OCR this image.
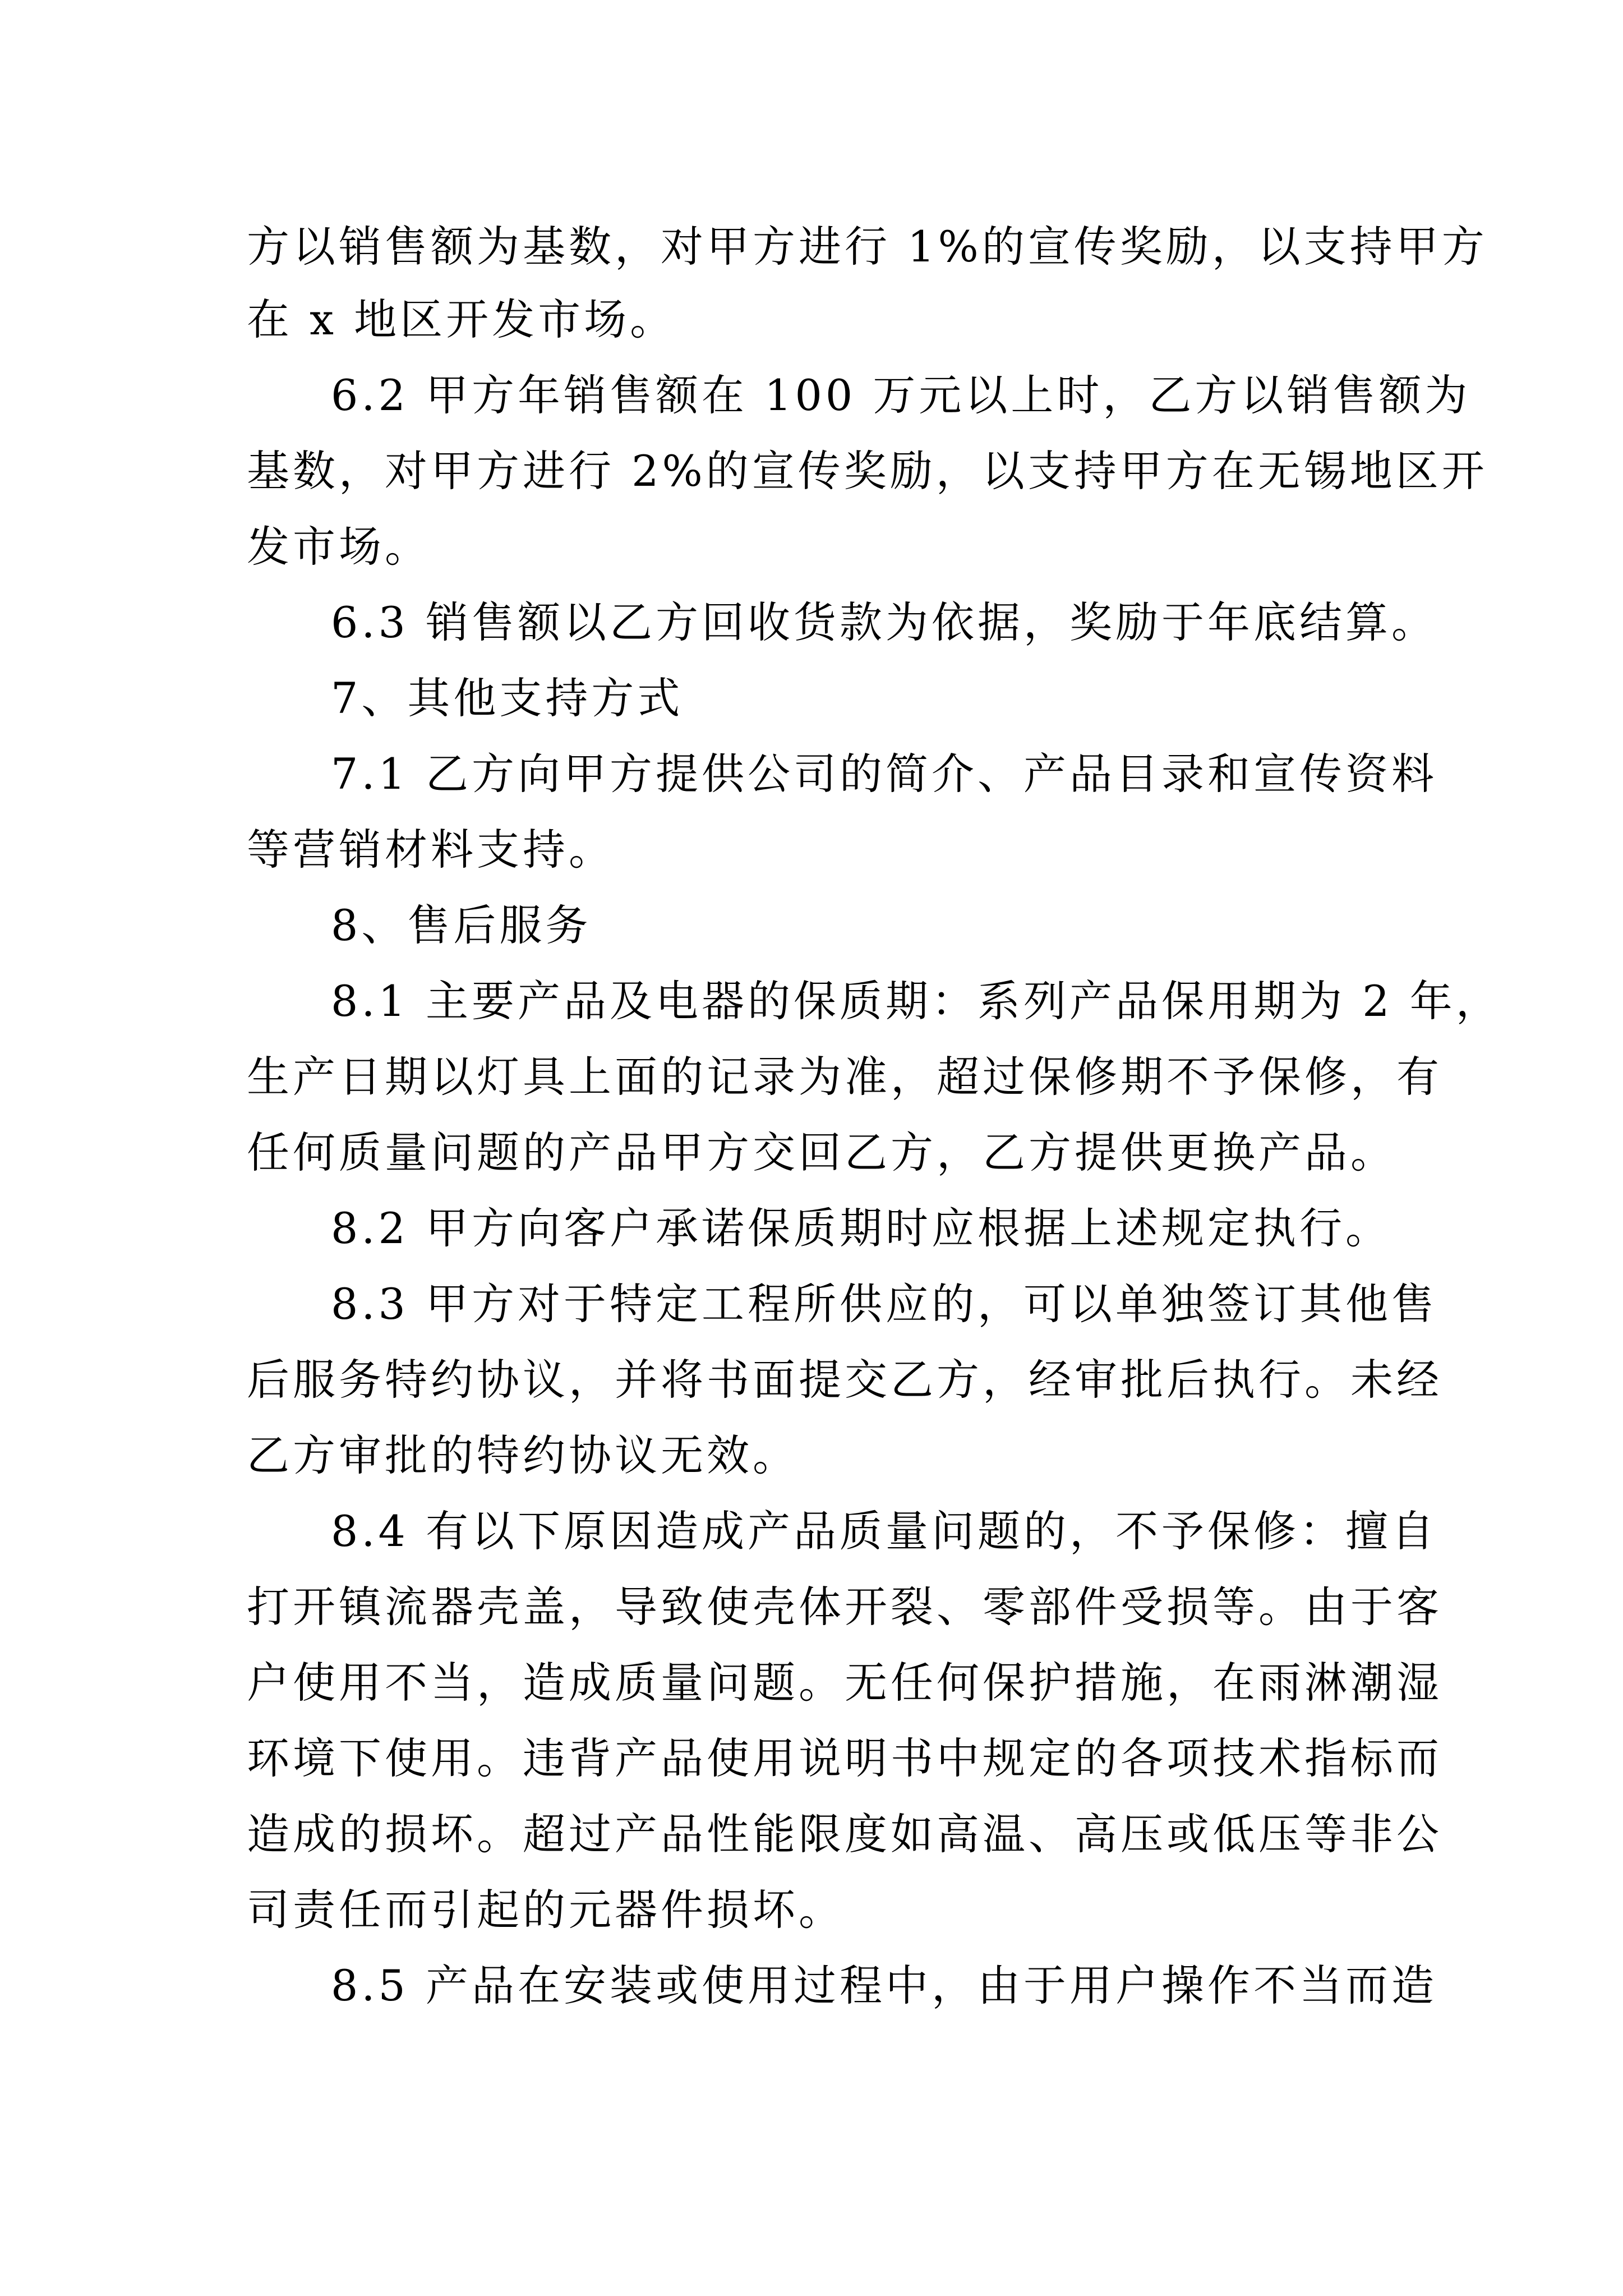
方以销售额为基数，对甲方进行 1%的宣传奖励，以支持甲方
在 x 地区开发市场。
6.2 甲方年销售额在 100 万元以上时，乙方以销售额为
基数，对甲方进行 2%的宣传奖励，以支持甲方在无锡地区开
发市场。
6.3 销售额以乙方回收货款为依据，奖励于年底结算。
7、其他支持方式
7.1 乙方向甲方提供公司的简介、产品目录和宣传资料
等营销材料支持。
8、售后服务
8.1 主要产品及电器的保质期：系列产品保用期为 2 年，
生产日期以灯具上面的记录为准，超过保修期不予保修，有
任何质量问题的产品甲方交回乙方，乙方提供更换产品。
8.2 甲方向客户承诺保质期时应根据上述规定执行。
8.3 甲方对于特定工程所供应的，可以单独签订其他售
后服务特约协议，并将书面提交乙方，经审批后执行。未经
乙方审批的特约协议无效。
8.4 有以下原因造成产品质量问题的，不予保修：擅自
打开镇流器壳盖，导致使壳体开裂、零部件受损等。由于客
户使用不当，造成质量问题。无任何保护措施，在雨淋潮湿
环境下使用。违背产品使用说明书中规定的各项技术指标而
造成的损坏。超过产品性能限度如高温、高压或低压等非公
司责任而引起的元器件损坏。
8.5 产品在安装或使用过程中，由于用户操作不当而造
